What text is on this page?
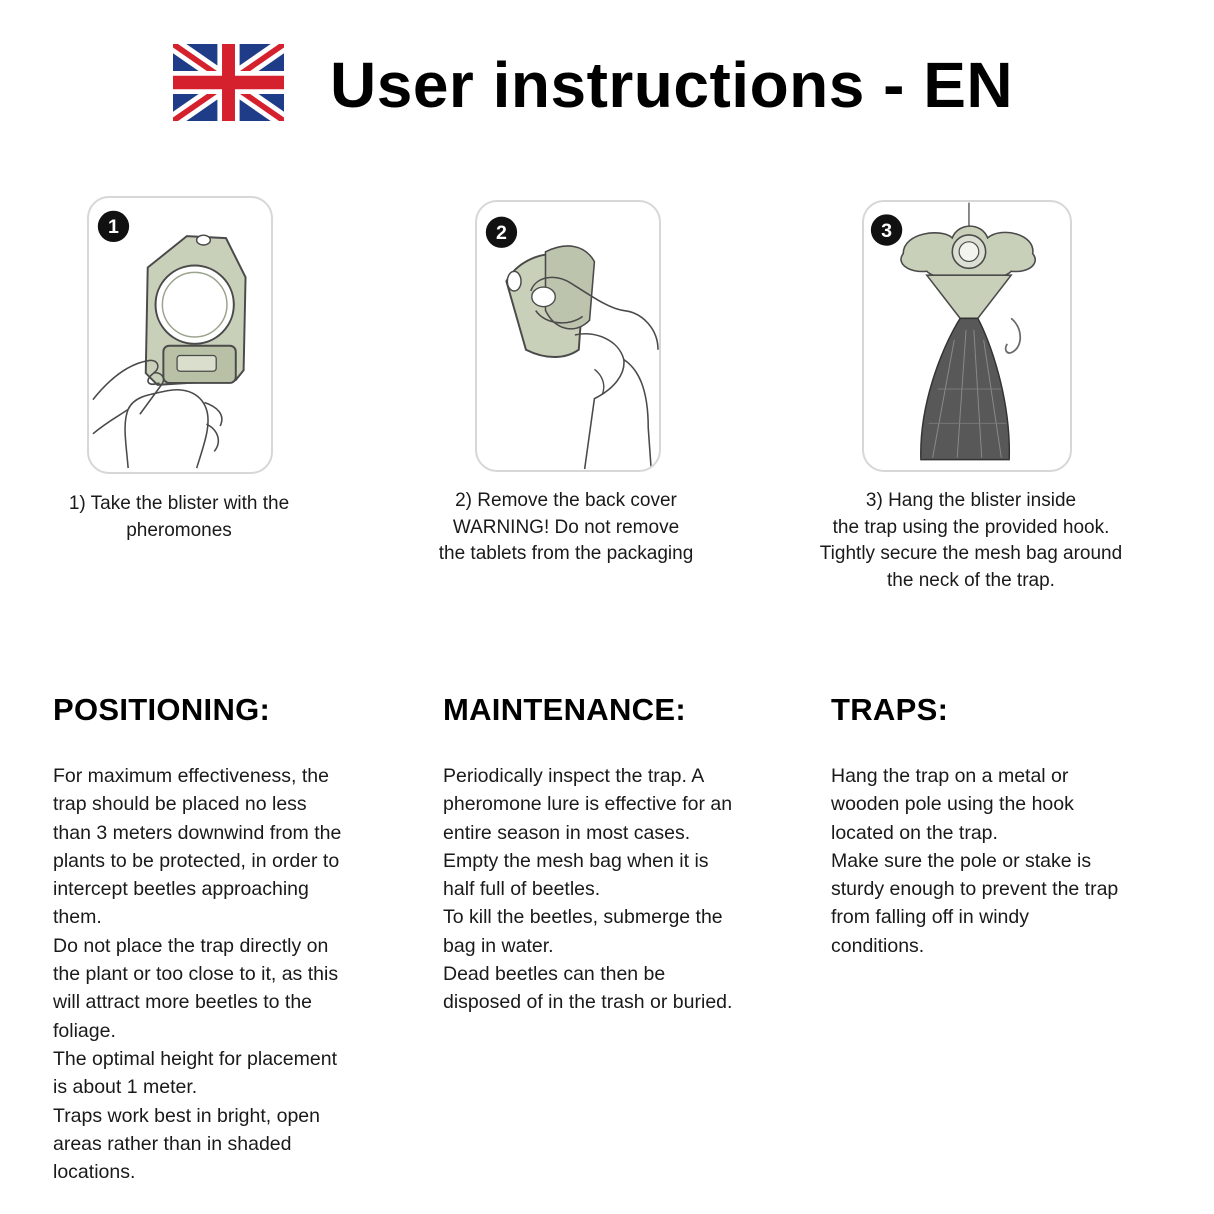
User instructions - EN
1
1) Take the blister with the
pheromones
2
2) Remove the back cover
WARNING! Do not remove
the tablets from the packaging
3
3) Hang the blister inside
the trap using the provided hook.
Tightly secure the mesh bag around
the neck of the trap.
POSITIONING:
For maximum effectiveness, the
trap should be placed no less
than 3 meters downwind from the
plants to be protected, in order to
intercept beetles approaching
them.
Do not place the trap directly on
the plant or too close to it, as this
will attract more beetles to the
foliage.
The optimal height for placement
is about 1 meter.
Traps work best in bright, open
areas rather than in shaded
locations.
MAINTENANCE:
Periodically inspect the trap. A
pheromone lure is effective for an
entire season in most cases.
Empty the mesh bag when it is
half full of beetles.
To kill the beetles, submerge the
bag in water.
Dead beetles can then be
disposed of in the trash or buried.
TRAPS:
Hang the trap on a metal or
wooden pole using the hook
located on the trap.
Make sure the pole or stake is
sturdy enough to prevent the trap
from falling off in windy
conditions.
